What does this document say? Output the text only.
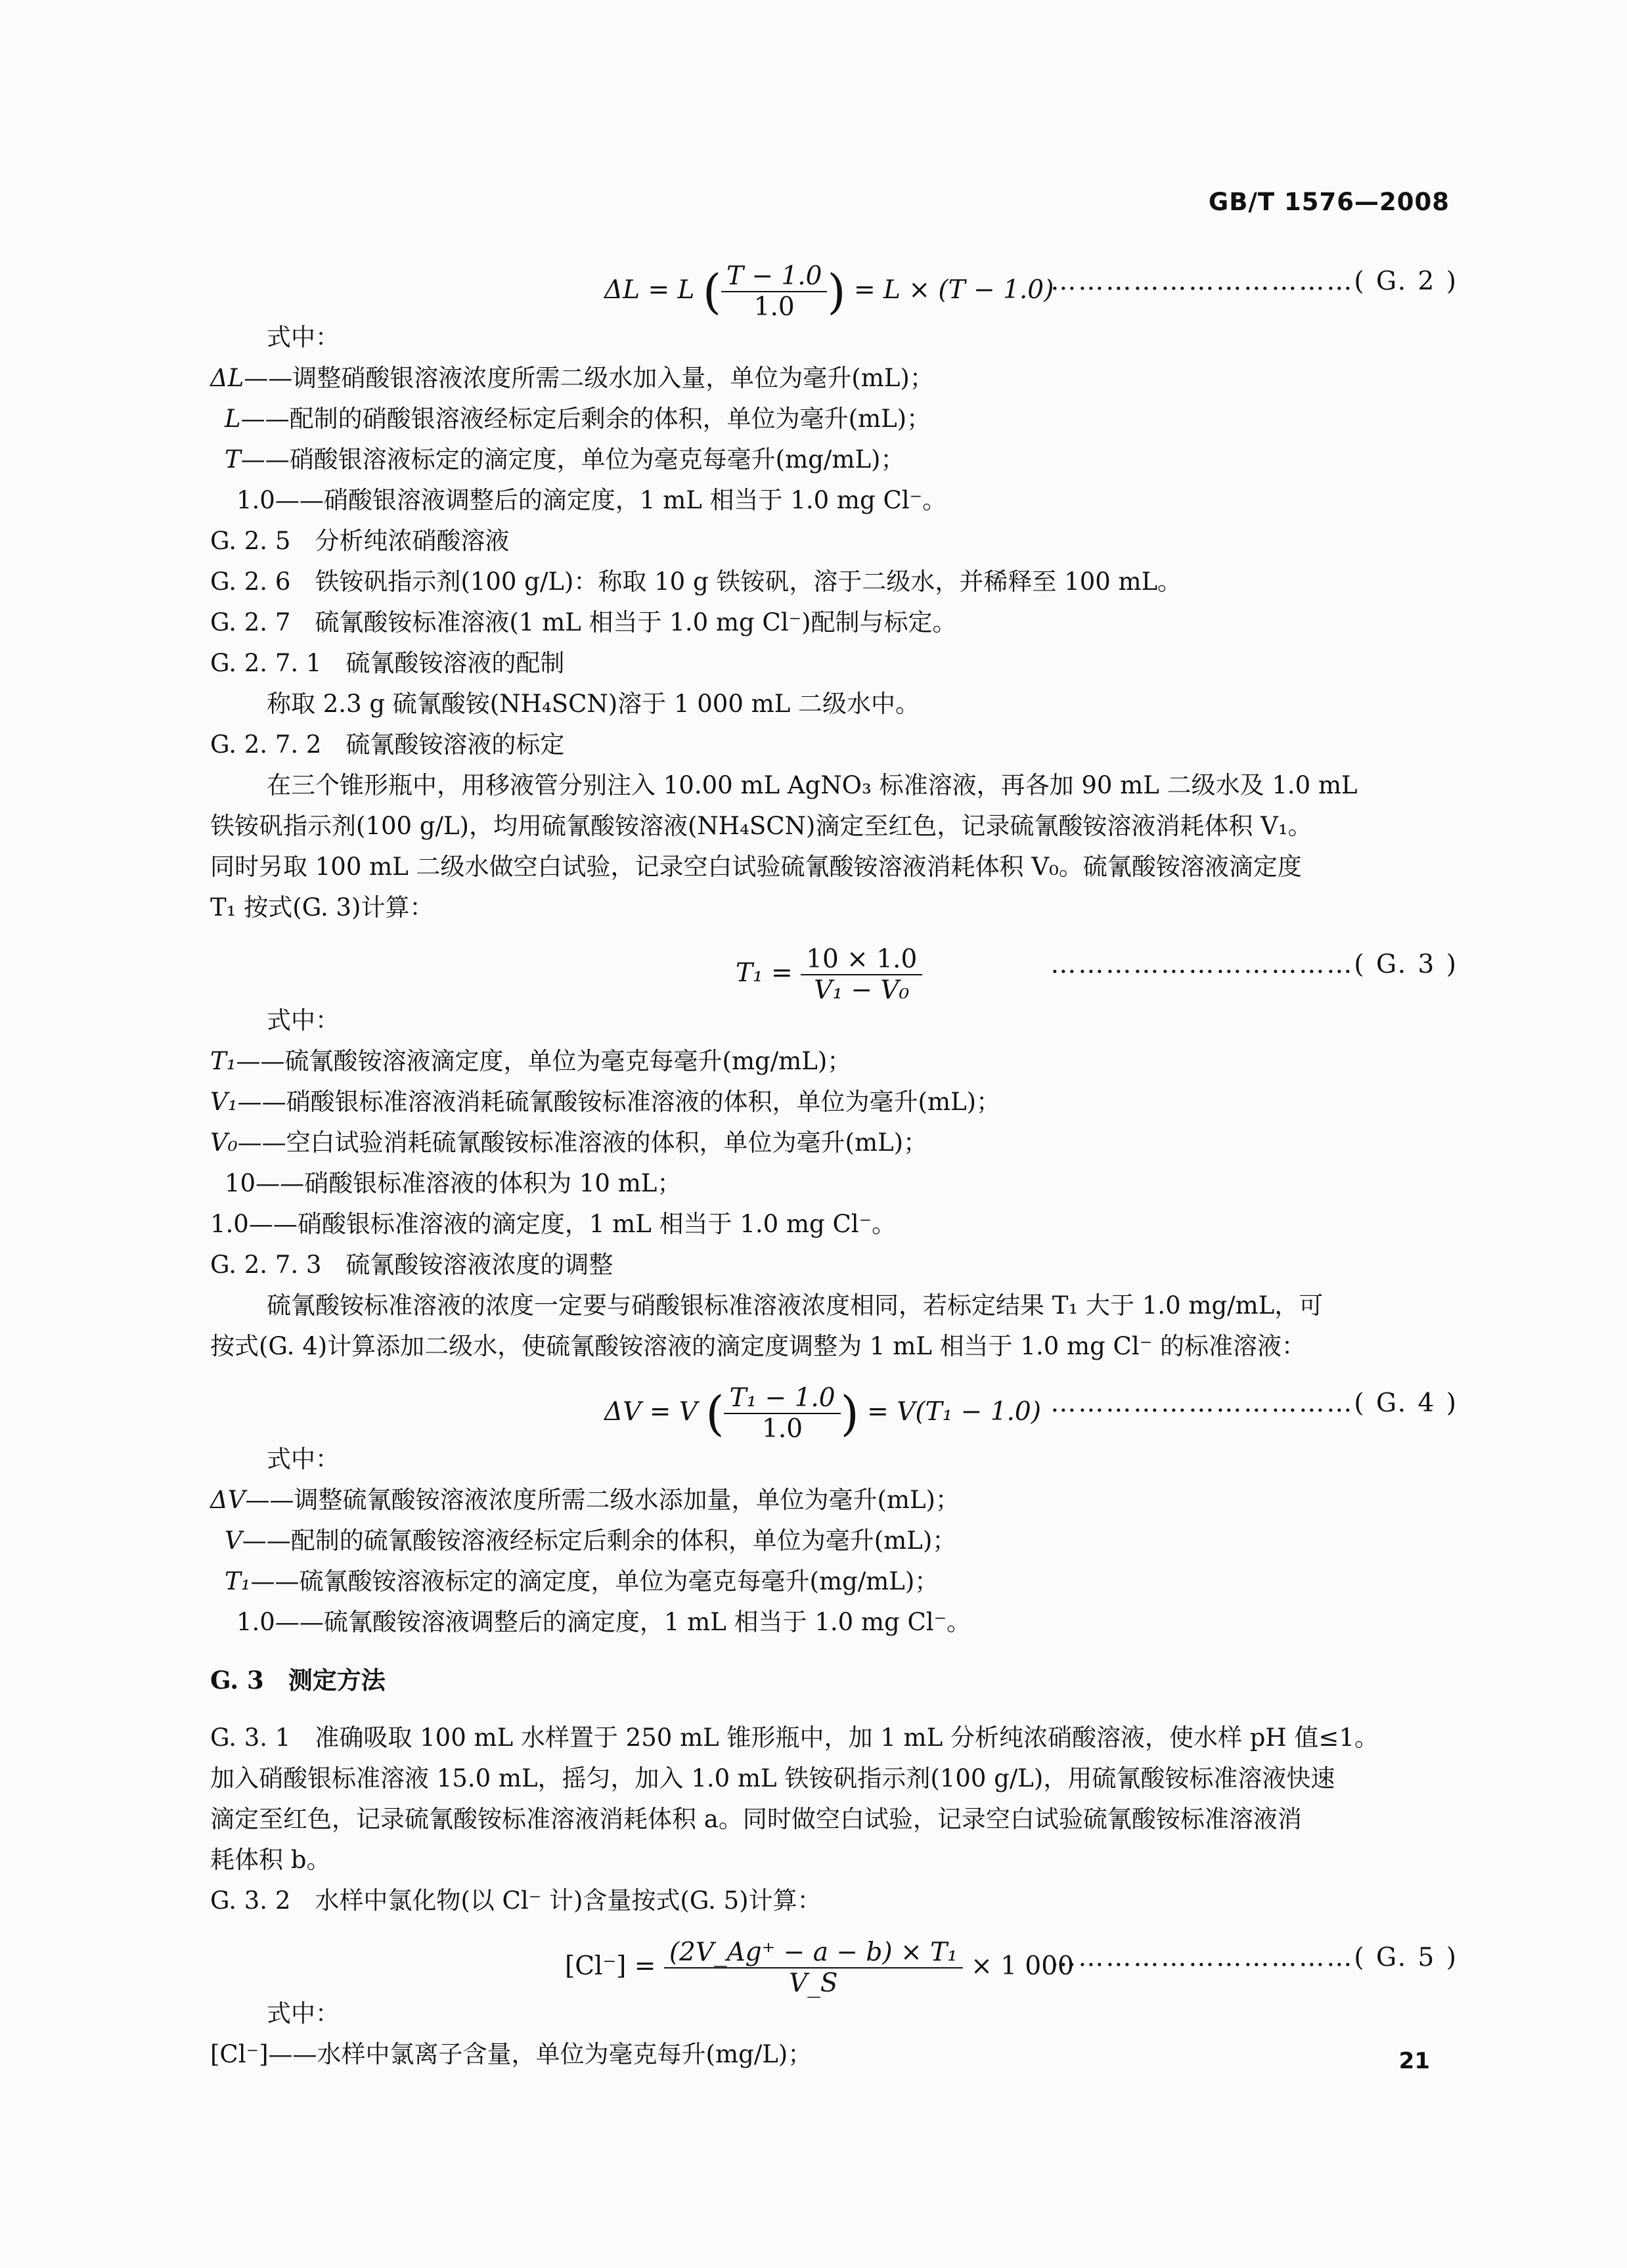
GB/T 1576—2008
ΔL = L ( $\frac{T - 1.0}{1.0}$ ) = L × (T − 1.0)
……………………………( G. 2 )
式中：
ΔL——调整硝酸银溶液浓度所需二级水加入量，单位为毫升(mL)；
L——配制的硝酸银溶液经标定后剩余的体积，单位为毫升(mL)；
T——硝酸银溶液标定的滴定度，单位为毫克每毫升(mg/mL)；
1.0——硝酸银溶液调整后的滴定度，1 mL 相当于 1.0 mg Cl⁻。
G. 2. 5　分析纯浓硝酸溶液
G. 2. 6　铁铵矾指示剂(100 g/L)：称取 10 g 铁铵矾，溶于二级水，并稀释至 100 mL。
G. 2. 7　硫氰酸铵标准溶液(1 mL 相当于 1.0 mg Cl⁻)配制与标定。
G. 2. 7. 1　硫氰酸铵溶液的配制
称取 2.3 g 硫氰酸铵(NH₄SCN)溶于 1 000 mL 二级水中。
G. 2. 7. 2　硫氰酸铵溶液的标定
在三个锥形瓶中，用移液管分别注入 10.00 mL AgNO₃ 标准溶液，再各加 90 mL 二级水及 1.0 mL
铁铵矾指示剂(100 g/L)，均用硫氰酸铵溶液(NH₄SCN)滴定至红色，记录硫氰酸铵溶液消耗体积 V₁。
同时另取 100 mL 二级水做空白试验，记录空白试验硫氰酸铵溶液消耗体积 V₀。硫氰酸铵溶液滴定度
T₁ 按式(G. 3)计算：
$T_1 = \frac{10 \times 1.0}{\text{V₁ − V₀}}$	……………………………( G. 3 )
式中：
T₁——硫氰酸铵溶液滴定度，单位为毫克每毫升(mg/mL)；
V₁——硝酸银标准溶液消耗硫氰酸铵标准溶液的体积，单位为毫升(mL)；
V₀——空白试验消耗硫氰酸铵标准溶液的体积，单位为毫升(mL)；
10——硝酸银标准溶液的体积为 10 mL；
1.0——硝酸银标准溶液的滴定度，1 mL 相当于 1.0 mg Cl⁻。
G. 2. 7. 3　硫氰酸铵溶液浓度的调整
硫氰酸铵标准溶液的浓度一定要与硝酸银标准溶液浓度相同，若标定结果 T₁ 大于 1.0 mg/mL，可
按式(G. 4)计算添加二级水，使硫氰酸铵溶液的滴定度调整为 1 mL 相当于 1.0 mg Cl⁻ 的标准溶液：
ΔV = V ( $\frac{\text{T₁ − 1.0}}{1.0}$ ) = V(T₁ − 1.0) ……………………………( G. 4 )
式中：
ΔV——调整硫氰酸铵溶液浓度所需二级水添加量，单位为毫升(mL)；
V——配制的硫氰酸铵溶液经标定后剩余的体积，单位为毫升(mL)；
T₁——硫氰酸铵溶液标定的滴定度，单位为毫克每毫升(mg/mL)；
1.0——硫氰酸铵溶液调整后的滴定度，1 mL 相当于 1.0 mg Cl⁻。
G. 3　测定方法
G. 3. 1　准确吸取 100 mL 水样置于 250 mL 锥形瓶中，加 1 mL 分析纯浓硝酸溶液，使水样 pH 值≤1。
加入硝酸银标准溶液 15.0 mL，摇匀，加入 1.0 mL 铁铵矾指示剂(100 g/L)，用硫氰酸铵标准溶液快速
滴定至红色，记录硫氰酸铵标准溶液消耗体积 a。同时做空白试验，记录空白试验硫氰酸铵标准溶液消
耗体积 b。
G. 3. 2　水样中氯化物(以 Cl⁻ 计)含量按式(G. 5)计算：
$[Cl^-] = \frac{\text{(2V\_Ag⁺ − a − b) × T₁}}{V\_S} \times 1$ 000
……………………………( G. 5 )
式中：
[Cl⁻]——水样中氯离子含量，单位为毫克每升(mg/L)；	21
